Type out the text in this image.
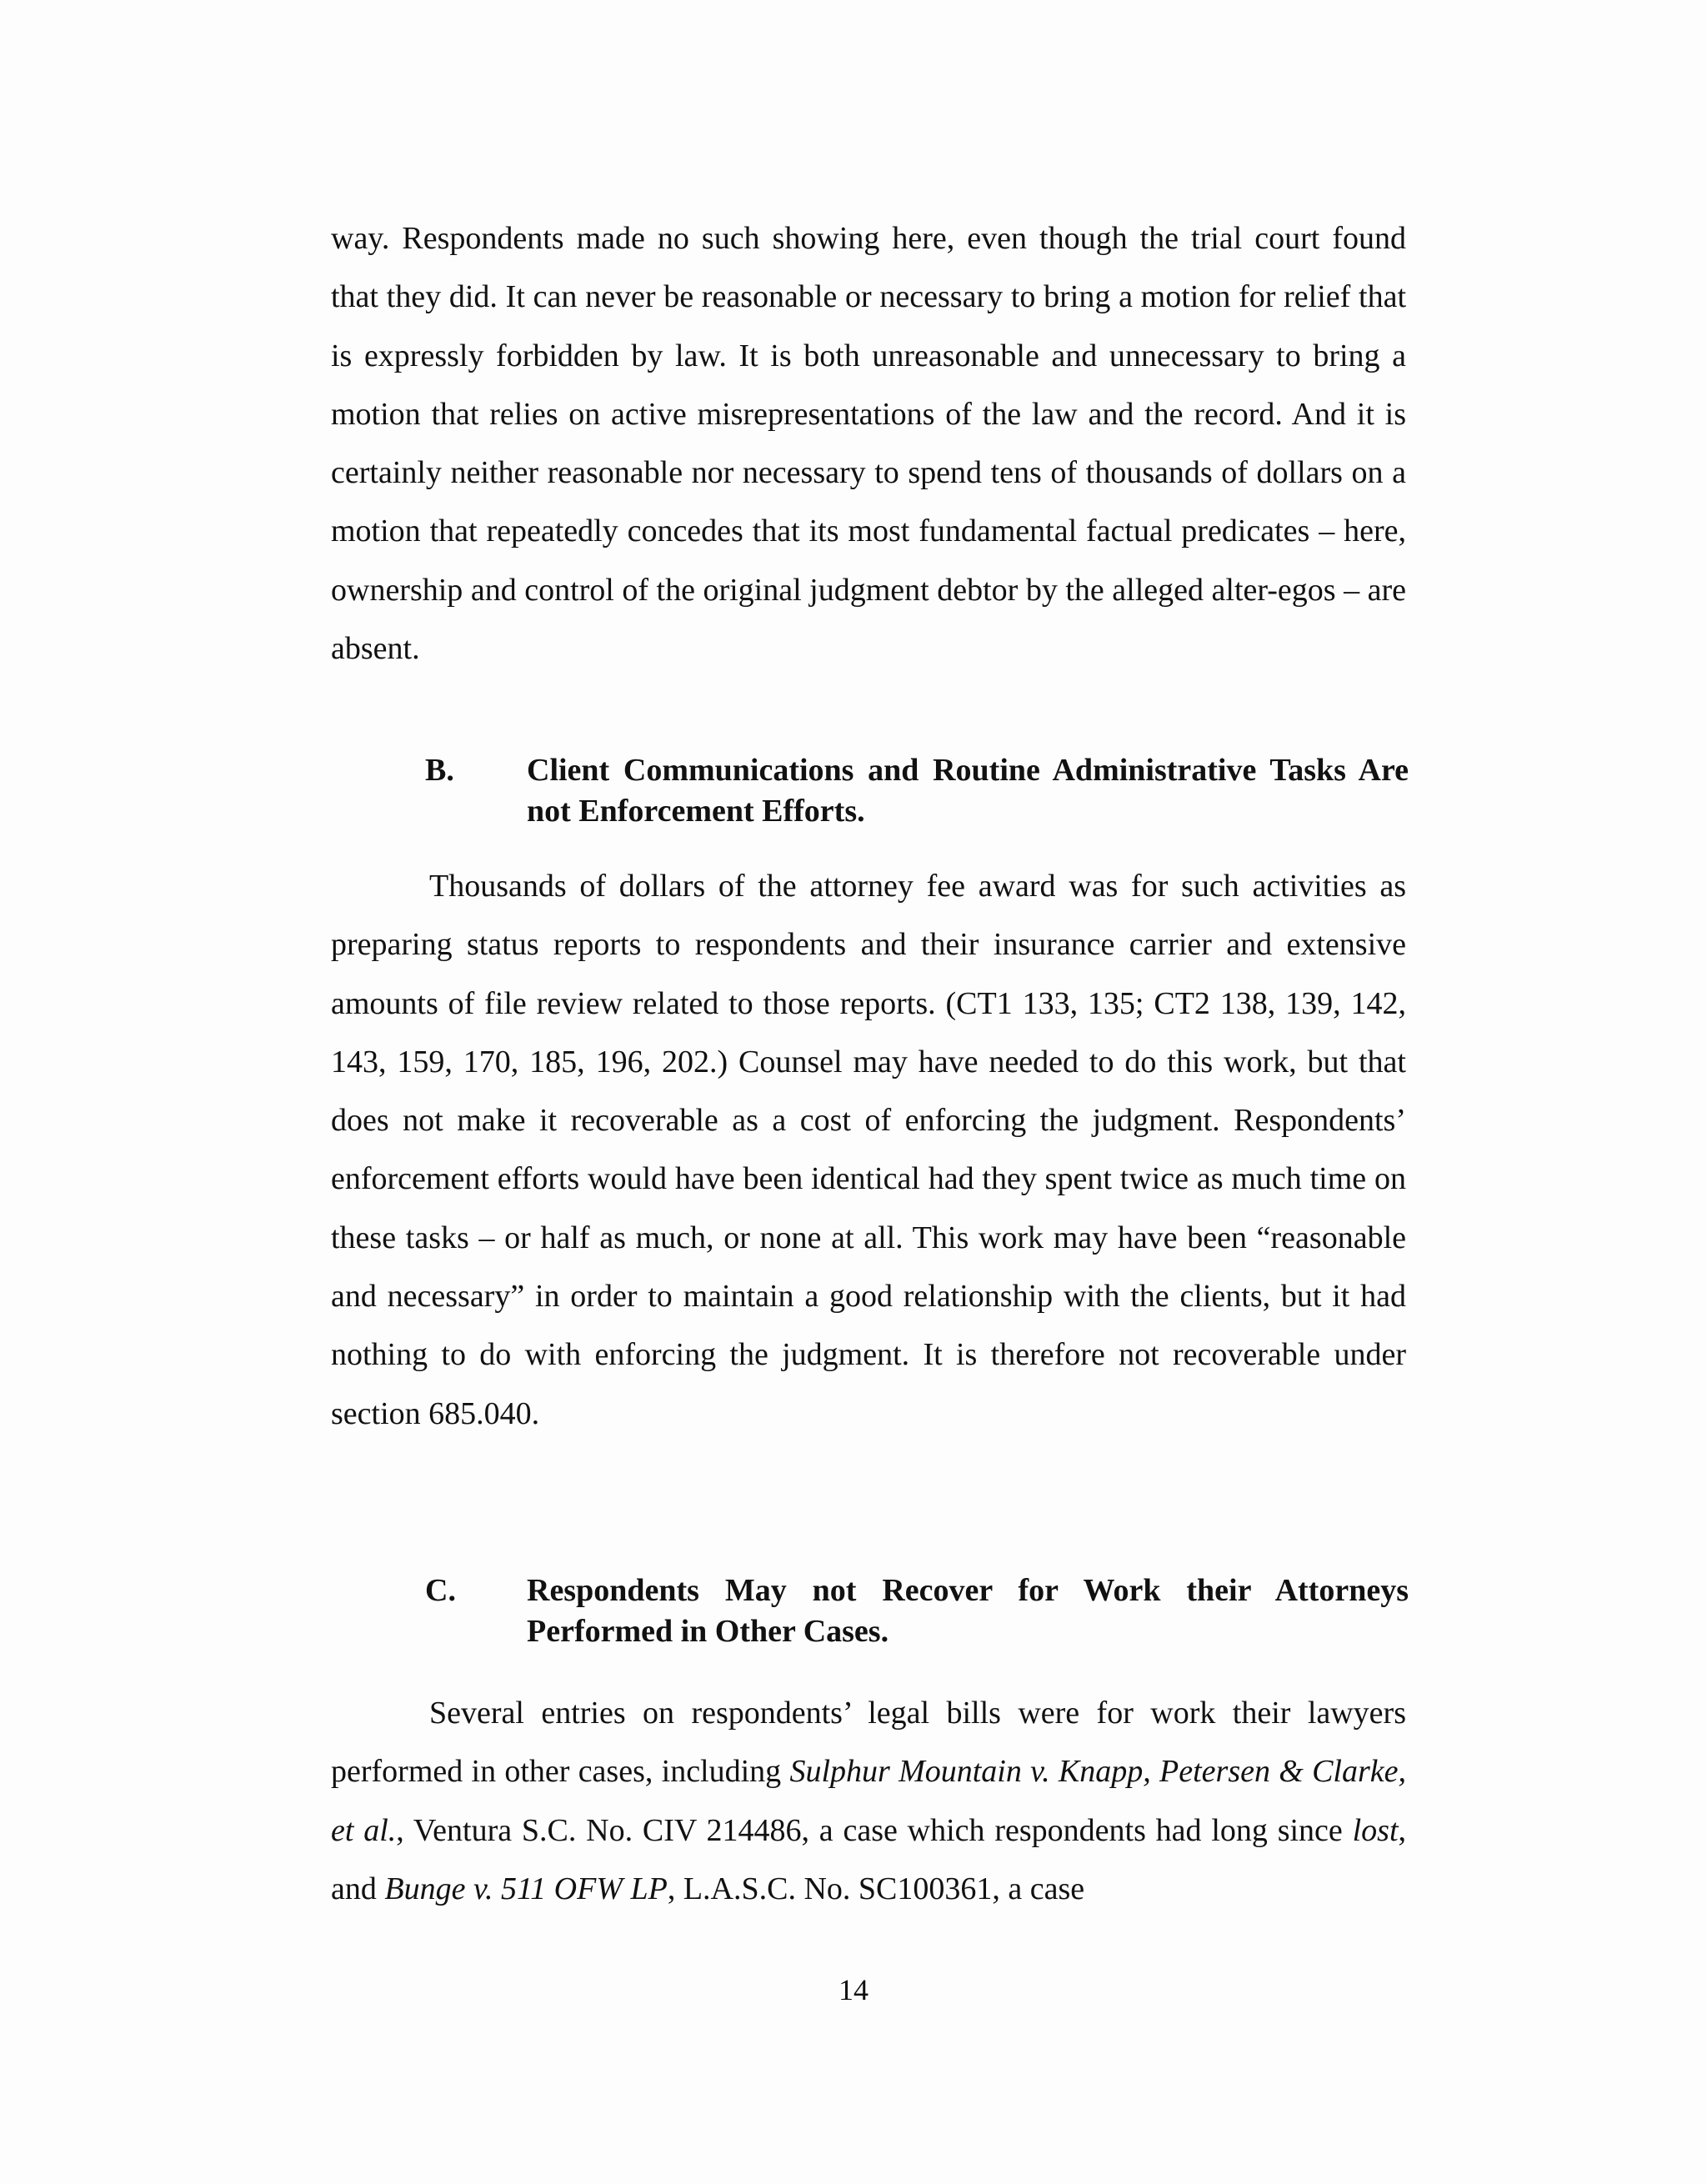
way. Respondents made no such showing here, even though the trial court found that they did. It can never be reasonable or necessary to bring a motion for relief that is expressly forbidden by law. It is both unreasonable and unnecessary to bring a motion that relies on active misrepresentations of the law and the record. And it is certainly neither reasonable nor necessary to spend tens of thousands of dollars on a motion that repeatedly concedes that its most fundamental factual predicates – here, ownership and control of the original judgment debtor by the alleged alter-egos – are absent.

B. Client Communications and Routine Administrative Tasks Are not Enforcement Efforts.

Thousands of dollars of the attorney fee award was for such activities as preparing status reports to respondents and their insurance carrier and extensive amounts of file review related to those reports. (CT1 133, 135; CT2 138, 139, 142, 143, 159, 170, 185, 196, 202.) Counsel may have needed to do this work, but that does not make it recoverable as a cost of enforcing the judgment. Respondents’ enforcement efforts would have been identical had they spent twice as much time on these tasks – or half as much, or none at all. This work may have been “reasonable and necessary” in order to maintain a good relationship with the clients, but it had nothing to do with enforcing the judgment. It is therefore not recoverable under section 685.040.

C. Respondents May not Recover for Work their Attorneys Performed in Other Cases.

Several entries on respondents’ legal bills were for work their lawyers performed in other cases, including Sulphur Mountain v. Knapp, Petersen & Clarke, et al., Ventura S.C. No. CIV 214486, a case which respondents had long since lost, and Bunge v. 511 OFW LP, L.A.S.C. No. SC100361, a case

14
